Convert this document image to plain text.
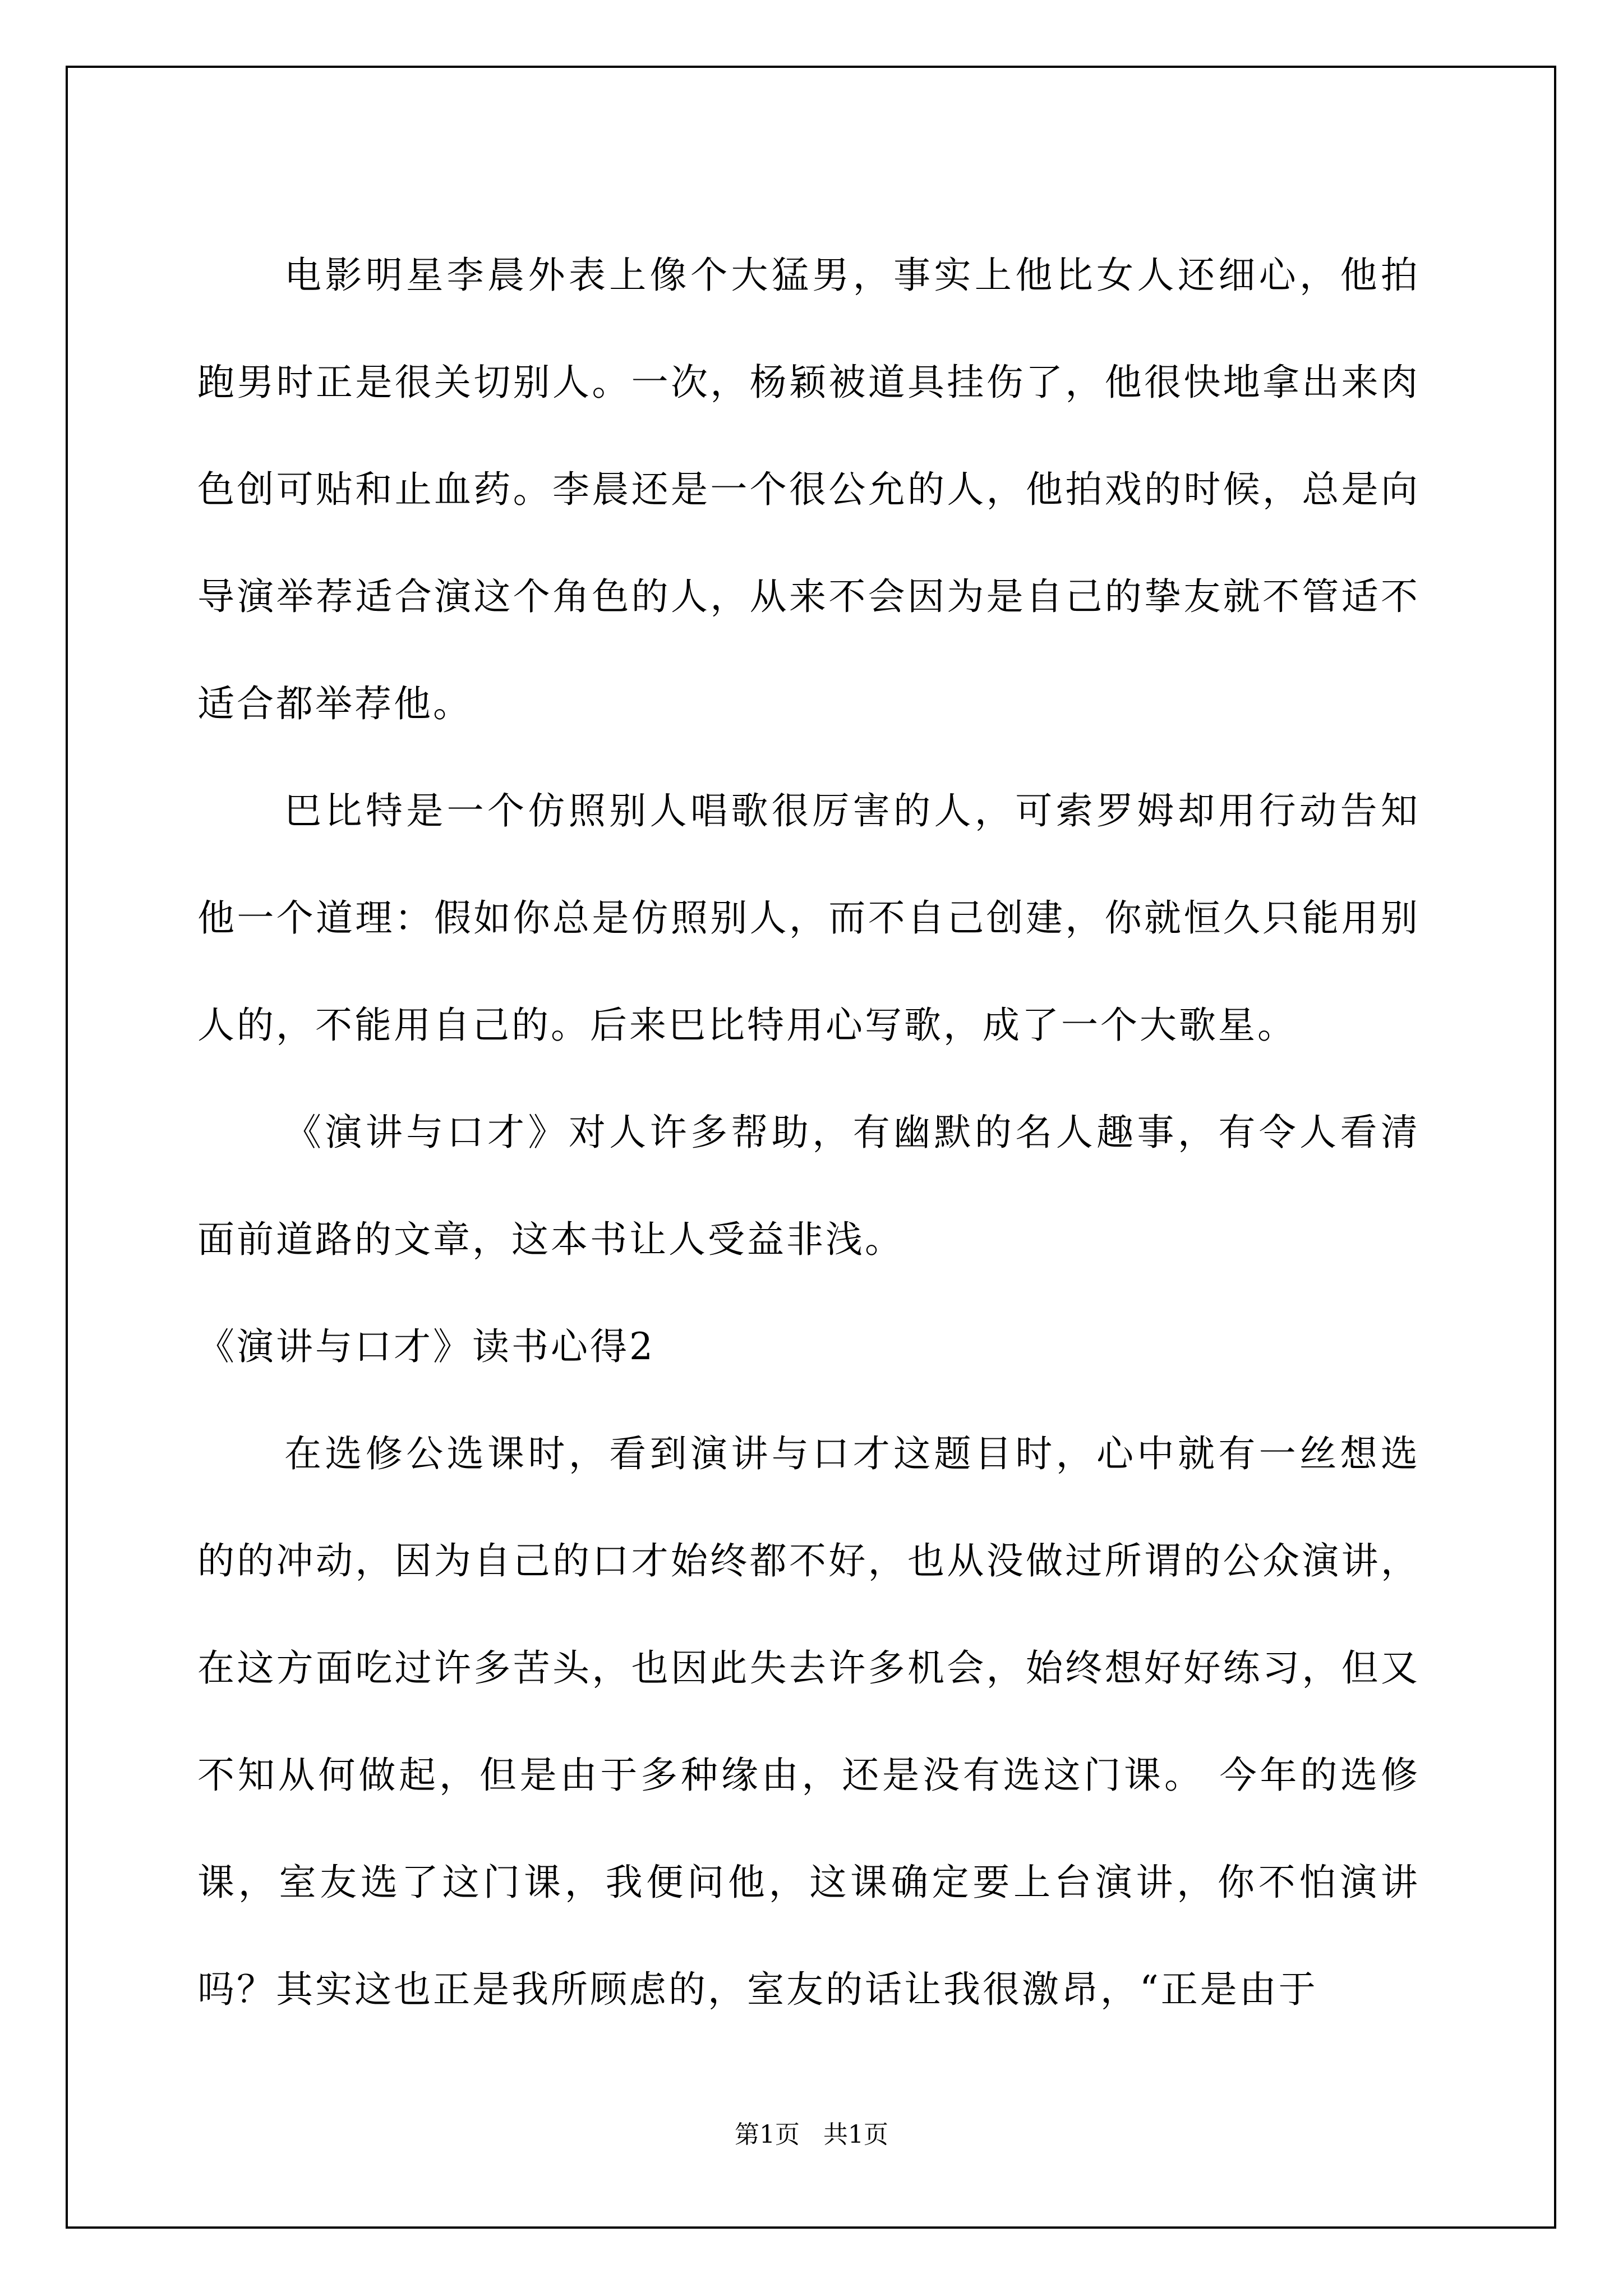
电影明星李晨外表上像个大猛男，事实上他比女人还细心，他拍跑男时正是很关切别人。一次，杨颖被道具挂伤了，他很快地拿出来肉色创可贴和止血药。李晨还是一个很公允的人，他拍戏的时候，总是向导演举荐适合演这个角色的人，从来不会因为是自己的挚友就不管适不适合都举荐他。

巴比特是一个仿照别人唱歌很厉害的人，可索罗姆却用行动告知他一个道理：假如你总是仿照别人，而不自己创建，你就恒久只能用别人的，不能用自己的。后来巴比特用心写歌，成了一个大歌星。

《演讲与口才》对人许多帮助，有幽默的名人趣事，有令人看清面前道路的文章，这本书让人受益非浅。

《演讲与口才》读书心得2

在选修公选课时，看到演讲与口才这题目时，心中就有一丝想选的的冲动，因为自己的口才始终都不好，也从没做过所谓的公众演讲，在这方面吃过许多苦头，也因此失去许多机会，始终想好好练习，但又不知从何做起，但是由于多种缘由，还是没有选这门课。 今年的选修课，室友选了这门课，我便问他，这课确定要上台演讲，你不怕演讲吗？其实这也正是我所顾虑的，室友的话让我很激昂，“正是由于

第1页 共1页
